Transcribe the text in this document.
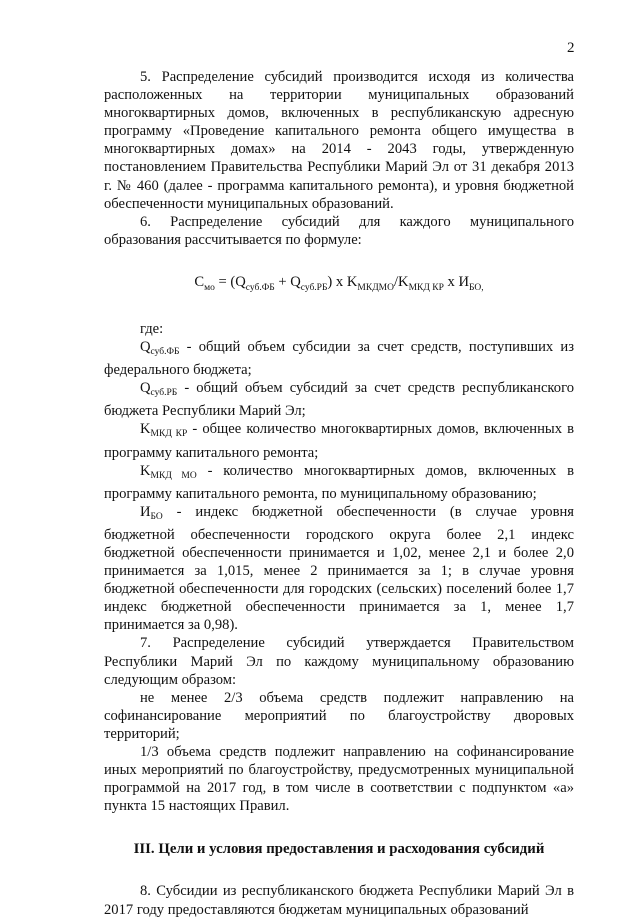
2

5. Распределение субсидий производится исходя из количества расположенных на территории муниципальных образований многоквартирных домов, включенных в республиканскую адресную программу «Проведение капитального ремонта общего имущества в многоквартирных домах» на 2014 - 2043 годы, утвержденную постановлением Правительства Республики Марий Эл от 31 декабря 2013 г. № 460 (далее - программа капитального ремонта), и уровня бюджетной обеспеченности муниципальных образований.

6. Распределение субсидий для каждого муниципального образования рассчитывается по формуле:

$C_{мо} = (Q_{суб.ФБ} + Q_{суб.РБ})$ х $K_{МКДМО}/K_{МКД КР}$ х $И_{БО,}$

где:

$Q_{суб.ФБ}$ - общий объем субсидии за счет средств, поступивших из федерального бюджета;

$Q_{суб.РБ}$ - общий объем субсидий за счет средств республиканского бюджета Республики Марий Эл;

$K_{МКД КР}$ - общее количество многоквартирных домов, включенных в программу капитального ремонта;

$K_{МКД МО}$ - количество многоквартирных домов, включенных в программу капитального ремонта, по муниципальному образованию;

$И_{БО}$ - индекс бюджетной обеспеченности (в случае уровня бюджетной обеспеченности городского округа более 2,1 индекс бюджетной обеспеченности принимается и 1,02, менее 2,1 и более 2,0 принимается за 1,015, менее 2 принимается за 1; в случае уровня бюджетной обеспеченности для городских (сельских) поселений более 1,7 индекс бюджетной обеспеченности принимается за 1, менее 1,7 принимается за 0,98).

7. Распределение субсидий утверждается Правительством Республики Марий Эл по каждому муниципальному образованию следующим образом:

не менее 2/3 объема средств подлежит направлению на софинансирование мероприятий по благоустройству дворовых территорий;

1/3 объема средств подлежит направлению на софинансирование иных мероприятий по благоустройству, предусмотренных муниципальной программой на 2017 год, в том числе в соответствии с подпунктом «а» пункта 15 настоящих Правил.

III. Цели и условия предоставления и расходования субсидий

8. Субсидии из республиканского бюджета Республики Марий Эл в 2017 году предоставляются бюджетам муниципальных образований
